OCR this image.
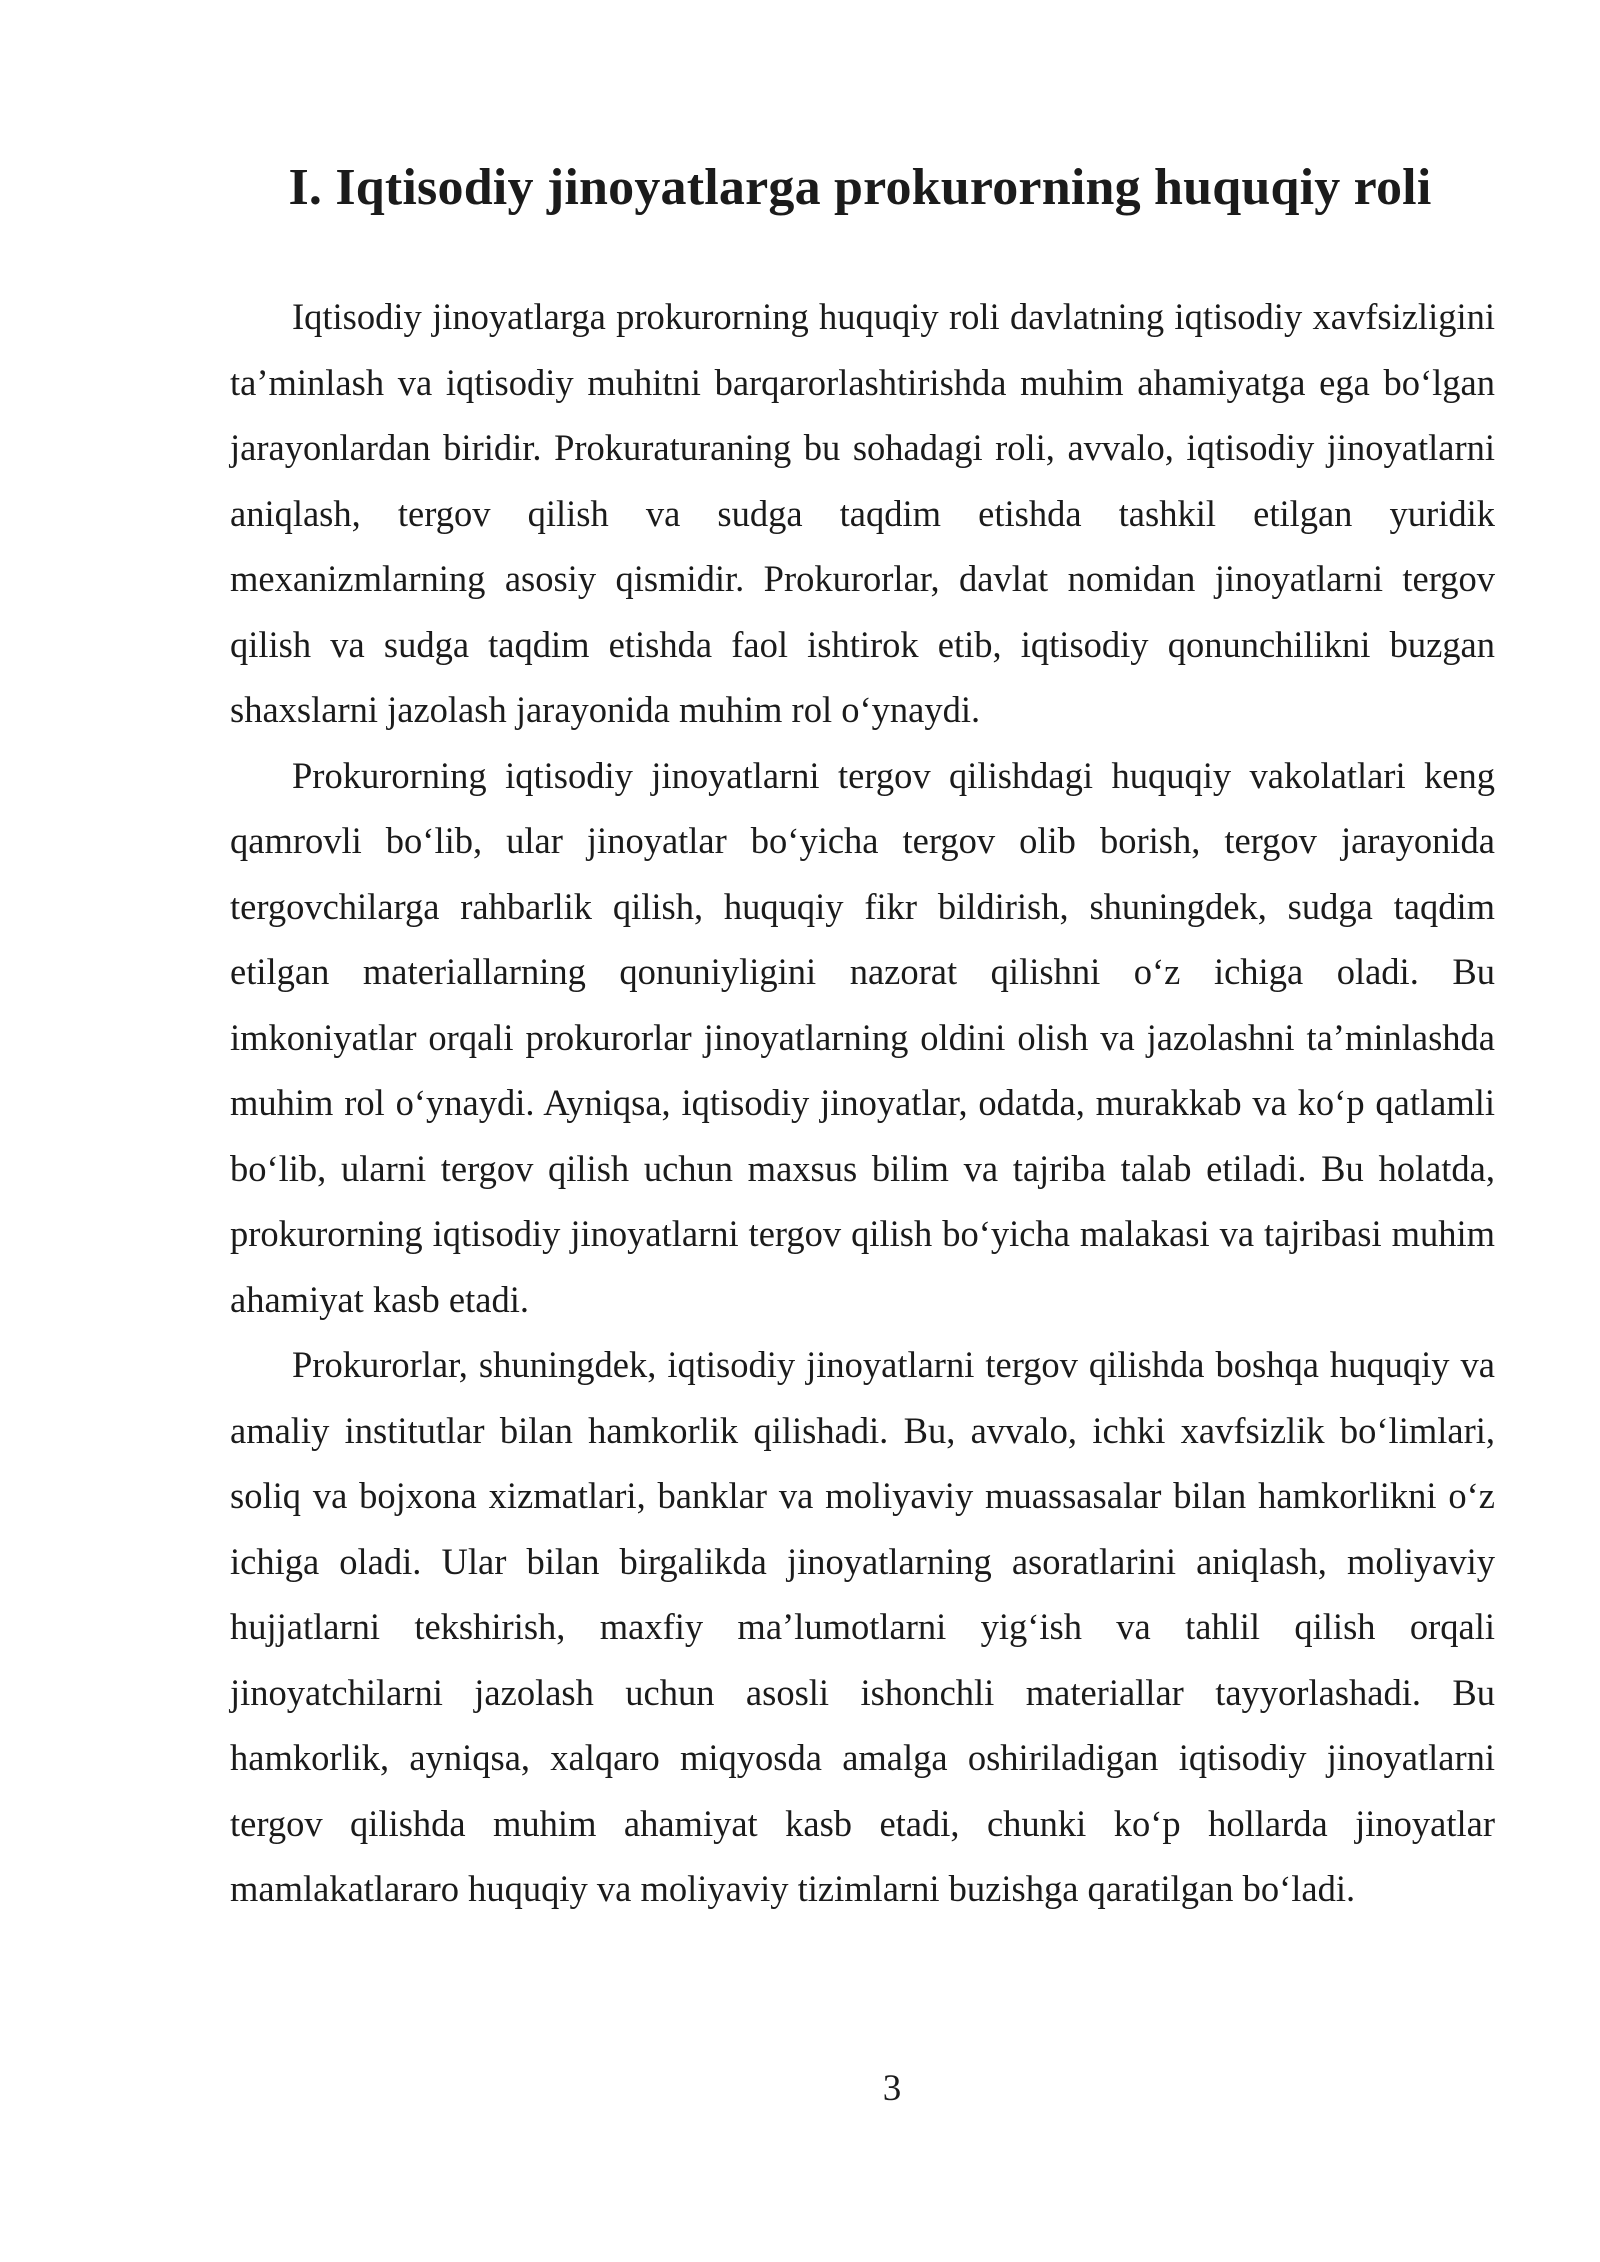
I. Iqtisodiy jinoyatlarga prokurorning huquqiy roli

Iqtisodiy jinoyatlarga prokurorning huquqiy roli davlatning iqtisodiy xavfsizligini ta’minlash va iqtisodiy muhitni barqarorlashtirishda muhim ahamiyatga ega bo‘lgan jarayonlardan biridir. Prokuraturaning bu sohadagi roli, avvalo, iqtisodiy jinoyatlarni aniqlash, tergov qilish va sudga taqdim etishda tashkil etilgan yuridik mexanizmlarning asosiy qismidir. Prokurorlar, davlat nomidan jinoyatlarni tergov qilish va sudga taqdim etishda faol ishtirok etib, iqtisodiy qonunchilikni buzgan shaxslarni jazolash jarayonida muhim rol o‘ynaydi.

Prokurorning iqtisodiy jinoyatlarni tergov qilishdagi huquqiy vakolatlari keng qamrovli bo‘lib, ular jinoyatlar bo‘yicha tergov olib borish, tergov jarayonida tergovchilarga rahbarlik qilish, huquqiy fikr bildirish, shuningdek, sudga taqdim etilgan materiallarning qonuniyligini nazorat qilishni o‘z ichiga oladi. Bu imkoniyatlar orqali prokurorlar jinoyatlarning oldini olish va jazolashni ta’minlashda muhim rol o‘ynaydi. Ayniqsa, iqtisodiy jinoyatlar, odatda, murakkab va ko‘p qatlamli bo‘lib, ularni tergov qilish uchun maxsus bilim va tajriba talab etiladi. Bu holatda, prokurorning iqtisodiy jinoyatlarni tergov qilish bo‘yicha malakasi va tajribasi muhim ahamiyat kasb etadi.

Prokurorlar, shuningdek, iqtisodiy jinoyatlarni tergov qilishda boshqa huquqiy va amaliy institutlar bilan hamkorlik qilishadi. Bu, avvalo, ichki xavfsizlik bo‘limlari, soliq va bojxona xizmatlari, banklar va moliyaviy muassasalar bilan hamkorlikni o‘z ichiga oladi. Ular bilan birgalikda jinoyatlarning asoratlarini aniqlash, moliyaviy hujjatlarni tekshirish, maxfiy ma’lumotlarni yig‘ish va tahlil qilish orqali jinoyatchilarni jazolash uchun asosli ishonchli materiallar tayyorlashadi. Bu hamkorlik, ayniqsa, xalqaro miqyosda amalga oshiriladigan iqtisodiy jinoyatlarni tergov qilishda muhim ahamiyat kasb etadi, chunki ko‘p hollarda jinoyatlar mamlakatlararo huquqiy va moliyaviy tizimlarni buzishga qaratilgan bo‘ladi.

3
